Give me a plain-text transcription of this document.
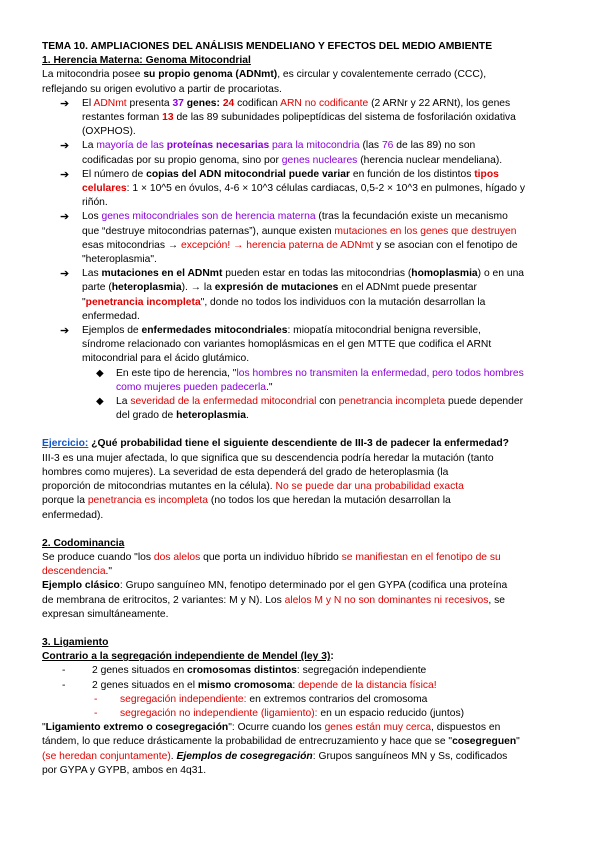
TEMA 10. AMPLIACIONES DEL ANÁLISIS MENDELIANO Y EFECTOS DEL MEDIO AMBIENTE

1. Herencia Materna: Genoma Mitocondrial

La mitocondria posee su propio genoma (ADNmt), es circular y covalentemente cerrado (CCC),

reflejando su origen evolutivo a partir de procariotas.

➔ El ADNmt presenta 37 genes: 24 codifican ARN no codificante (2 ARNr y 22 ARNt), los genes
restantes forman 13 de las 89 subunidades polipeptídicas del sistema de fosforilación oxidativa
(OXPHOS).
➔ La mayoría de las proteínas necesarias para la mitocondria (las 76 de las 89) no son
codificadas por su propio genoma, sino por genes nucleares (herencia nuclear mendeliana).
➔ El número de copias del ADN mitocondrial puede variar en función de los distintos tipos
celulares: 1 × 10^5 en óvulos, 4-6 × 10^3 células cardiacas, 0,5-2 × 10^3 en pulmones, hígado y
riñón.
➔ Los genes mitocondriales son de herencia materna (tras la fecundación existe un mecanismo
que “destruye mitocondrias paternas”), aunque existen mutaciones en los genes que destruyen
esas mitocondrias → excepción! → herencia paterna de ADNmt y se asocian con el fenotipo de
"heteroplasmia".
➔ Las mutaciones en el ADNmt pueden estar en todas las mitocondrias (homoplasmia) o en una
parte (heteroplasmia). → la expresión de mutaciones en el ADNmt puede presentar
"penetrancia incompleta", donde no todos los individuos con la mutación desarrollan la
enfermedad.
➔ Ejemplos de enfermedades mitocondriales: miopatía mitocondrial benigna reversible,
síndrome relacionado con variantes homoplásmicas en el gen MTTE que codifica el ARNt
mitocondrial para el ácido glutámico.
◆ En este tipo de herencia, "los hombres no transmiten la enfermedad, pero todos hombres
como mujeres pueden padecerla."
◆ La severidad de la enfermedad mitocondrial con penetrancia incompleta puede depender
del grado de heteroplasmia.

Ejercicio: ¿Qué probabilidad tiene el siguiente descendiente de III-3 de padecer la enfermedad?

III-3 es una mujer afectada, lo que significa que su descendencia podría heredar la mutación (tanto

hombres como mujeres). La severidad de esta dependerá del grado de heteroplasmia (la

proporción de mitocondrias mutantes en la célula). No se puede dar una probabilidad exacta

porque la penetrancia es incompleta (no todos los que heredan la mutación desarrollan la

enfermedad).

2. Codominancia

Se produce cuando "los dos alelos que porta un individuo híbrido se manifiestan en el fenotipo de su

descendencia."

Ejemplo clásico: Grupo sanguíneo MN, fenotipo determinado por el gen GYPA (codifica una proteína

de membrana de eritrocitos, 2 variantes: M y N). Los alelos M y N no son dominantes ni recesivos, se

expresan simultáneamente.

3. Ligamiento

Contrario a la segregación independiente de Mendel (ley 3):

-	2 genes situados en cromosomas distintos: segregación independiente
-	2 genes situados en el mismo cromosoma: depende de la distancia física!
- segregación independiente: en extremos contrarios del cromosoma
- segregación no independiente (ligamiento): en un espacio reducido (juntos)

"Ligamiento extremo o cosegregación": Ocurre cuando los genes están muy cerca, dispuestos en

tándem, lo que reduce drásticamente la probabilidad de entrecruzamiento y hace que se "cosegreguen"

(se heredan conjuntamente). Ejemplos de cosegregación: Grupos sanguíneos MN y Ss, codificados

por GYPA y GYPB, ambos en 4q31.
